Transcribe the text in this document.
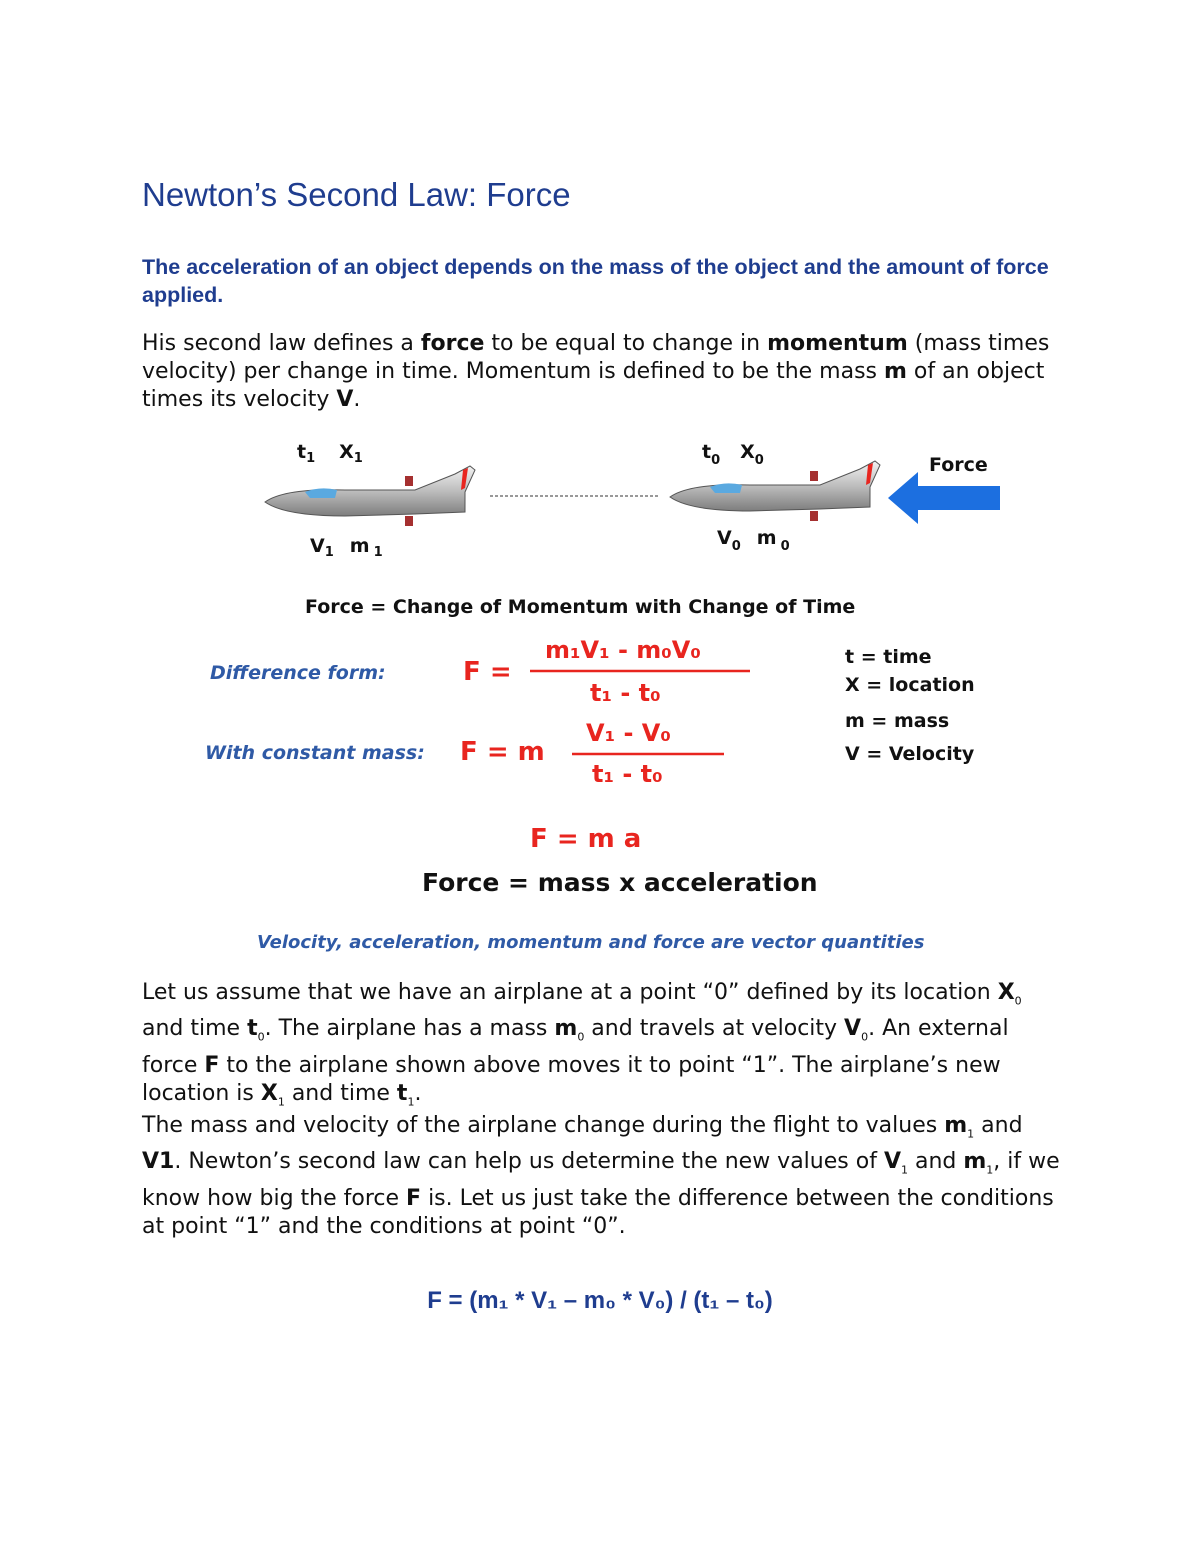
Newton’s Second Law: Force

The acceleration of an object depends on the mass of the object and the amount of force applied.

His second law defines a force to be equal to change in momentum (mass times velocity) per change in time. Momentum is defined to be the mass m of an object times its velocity V.

$t_1$ $X_1$
$V_1$ m $_1$
$t_0$ $X_0$
$V_0$ m $_0$
Force
Force = Change of Momentum with Change of Time
Difference form:	F =
m₁V₁ - m₀V₀
t₁ - t₀
With constant mass: F = m
V₁ - V₀
t₁ - t₀
t = time
X = location
m = mass
V = Velocity
F = m a
Force = mass x acceleration
Velocity, acceleration, momentum and force are vector quantities

Let us assume that we have an airplane at a point “0” defined by its location $X_0$ and time $t_0$. The airplane has a mass $m_0$ and travels at velocity $V_0$. An external force F to the airplane shown above moves it to point “1”. The airplane’s new location is $X_1$ and time $t_1$.

The mass and velocity of the airplane change during the flight to values $m_1$ and V1. Newton’s second law can help us determine the new values of $V_1$ and $m_1$, if we know how big the force F is. Let us just take the difference between the conditions at point “1” and the conditions at point “0”.

F = (m₁ * V₁ – m₀ * V₀) / (t₁ – t₀)
